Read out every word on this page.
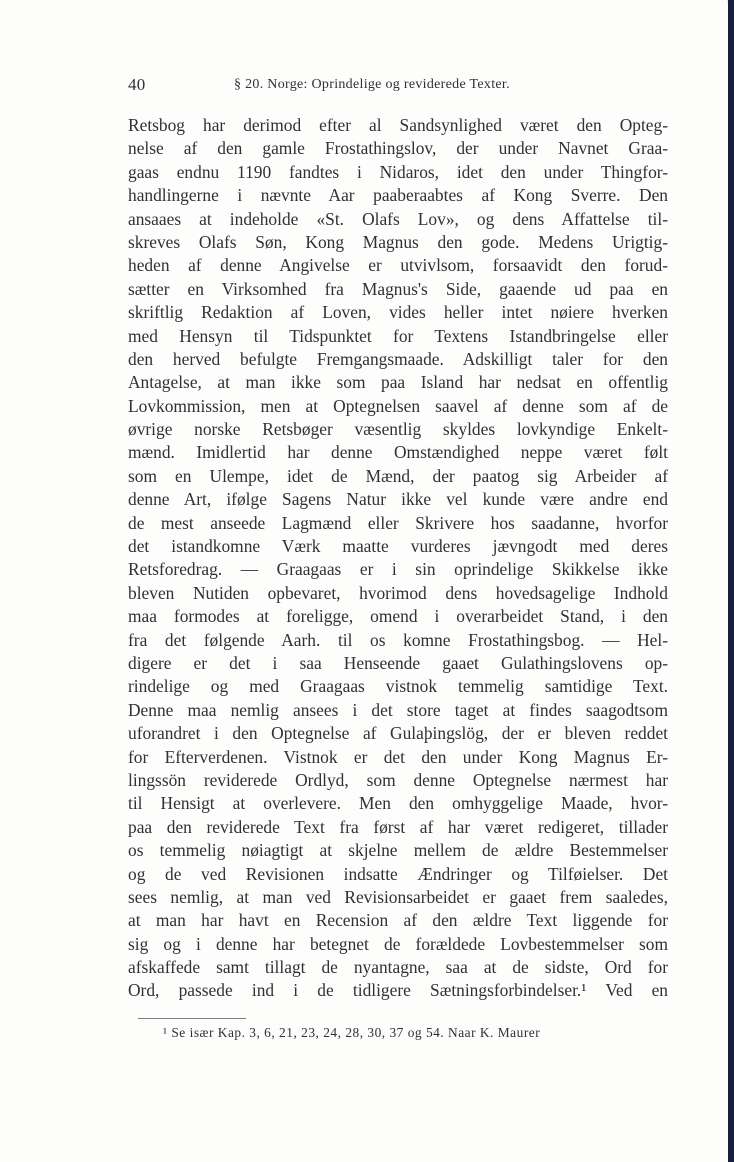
40	§ 20. Norge: Oprindelige og reviderede Texter.
Retsbog har derimod efter al Sandsynlighed været den Opteg-
nelse af den gamle Frostathingslov, der under Navnet Graa-
gaas endnu 1190 fandtes i Nidaros, idet den under Thingfor-
handlingerne i nævnte Aar paaberaabtes af Kong Sverre. Den
ansaaes at indeholde «St. Olafs Lov», og dens Affattelse til-
skreves Olafs Søn, Kong Magnus den gode. Medens Urigtig-
heden af denne Angivelse er utvivlsom, forsaavidt den forud-
sætter en Virksomhed fra Magnus's Side, gaaende ud paa en
skriftlig Redaktion af Loven, vides heller intet nøiere hverken
med Hensyn til Tidspunktet for Textens Istandbringelse eller
den herved befulgte Fremgangsmaade. Adskilligt taler for den
Antagelse, at man ikke som paa Island har nedsat en offentlig
Lovkommission, men at Optegnelsen saavel af denne som af de
øvrige norske Retsbøger væsentlig skyldes lovkyndige Enkelt-
mænd. Imidlertid har denne Omstændighed neppe været følt
som en Ulempe, idet de Mænd, der paatog sig Arbeider af
denne Art, ifølge Sagens Natur ikke vel kunde være andre end
de mest anseede Lagmænd eller Skrivere hos saadanne, hvorfor
det istandkomne Værk maatte vurderes jævngodt med deres
Retsforedrag. — Graagaas er i sin oprindelige Skikkelse ikke
bleven Nutiden opbevaret, hvorimod dens hovedsagelige Indhold
maa formodes at foreligge, omend i overarbeidet Stand, i den
fra det følgende Aarh. til os komne Frostathingsbog. — Hel-
digere er det i saa Henseende gaaet Gulathingslovens op-
rindelige og med Graagaas vistnok temmelig samtidige Text.
Denne maa nemlig ansees i det store taget at findes saagodtsom
uforandret i den Optegnelse af Gulaþingslög, der er bleven reddet
for Efterverdenen. Vistnok er det den under Kong Magnus Er-
lingssön reviderede Ordlyd, som denne Optegnelse nærmest har
til Hensigt at overlevere. Men den omhyggelige Maade, hvor-
paa den reviderede Text fra først af har været redigeret, tillader
os temmelig nøiagtigt at skjelne mellem de ældre Bestemmelser
og de ved Revisionen indsatte Ændringer og Tilføielser. Det
sees nemlig, at man ved Revisionsarbeidet er gaaet frem saaledes,
at man har havt en Recension af den ældre Text liggende for
sig og i denne har betegnet de forældede Lovbestemmelser som
afskaffede samt tillagt de nyantagne, saa at de sidste, Ord for
Ord, passede ind i de tidligere Sætningsforbindelser.¹ Ved en
¹ Se især Kap. 3, 6, 21, 23, 24, 28, 30, 37 og 54. Naar K. Maurer
